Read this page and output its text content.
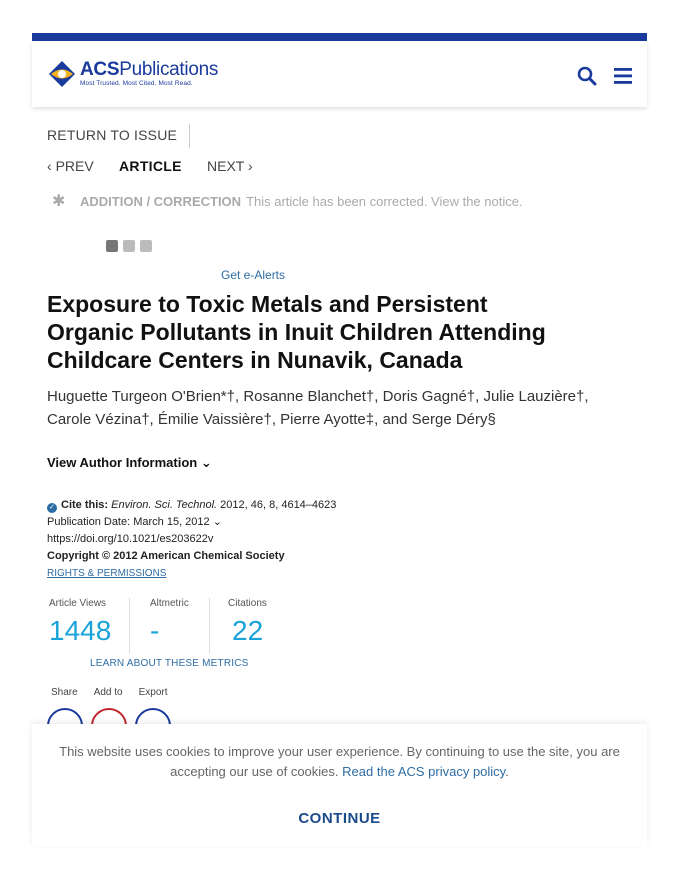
ACSPublications
Most Trusted. Most Cited. Most Read.
RETURN TO ISSUE
‹ PREV	ARTICLE	NEXT ›
✱ ADDITION / CORRECTION This article has been corrected. View the notice.
Get e-Alerts
Exposure to Toxic Metals and Persistent Organic Pollutants in Inuit Children Attending Childcare Centers in Nunavik, Canada
Huguette Turgeon O'Brien*†, Rosanne Blanchet†, Doris Gagné†, Julie Lauzière†,
Carole Vézina†, Émilie Vaissière†, Pierre Ayotte‡, and Serge Déry§
View Author Information ⌄
✓ Cite this: Environ. Sci. Technol. 2012, 46, 8, 4614–4623
Publication Date: March 15, 2012 ⌄
https://doi.org/10.1021/es203622v
Copyright © 2012 American Chemical Society
RIGHTS & PERMISSIONS
Article Views
1448
Altmetric
-
Citations
22
LEARN ABOUT THESE METRICS
Share Add to Export
This website uses cookies to improve your user experience. By continuing to use the site, you are accepting our use of cookies. Read the ACS privacy policy.
CONTINUE
